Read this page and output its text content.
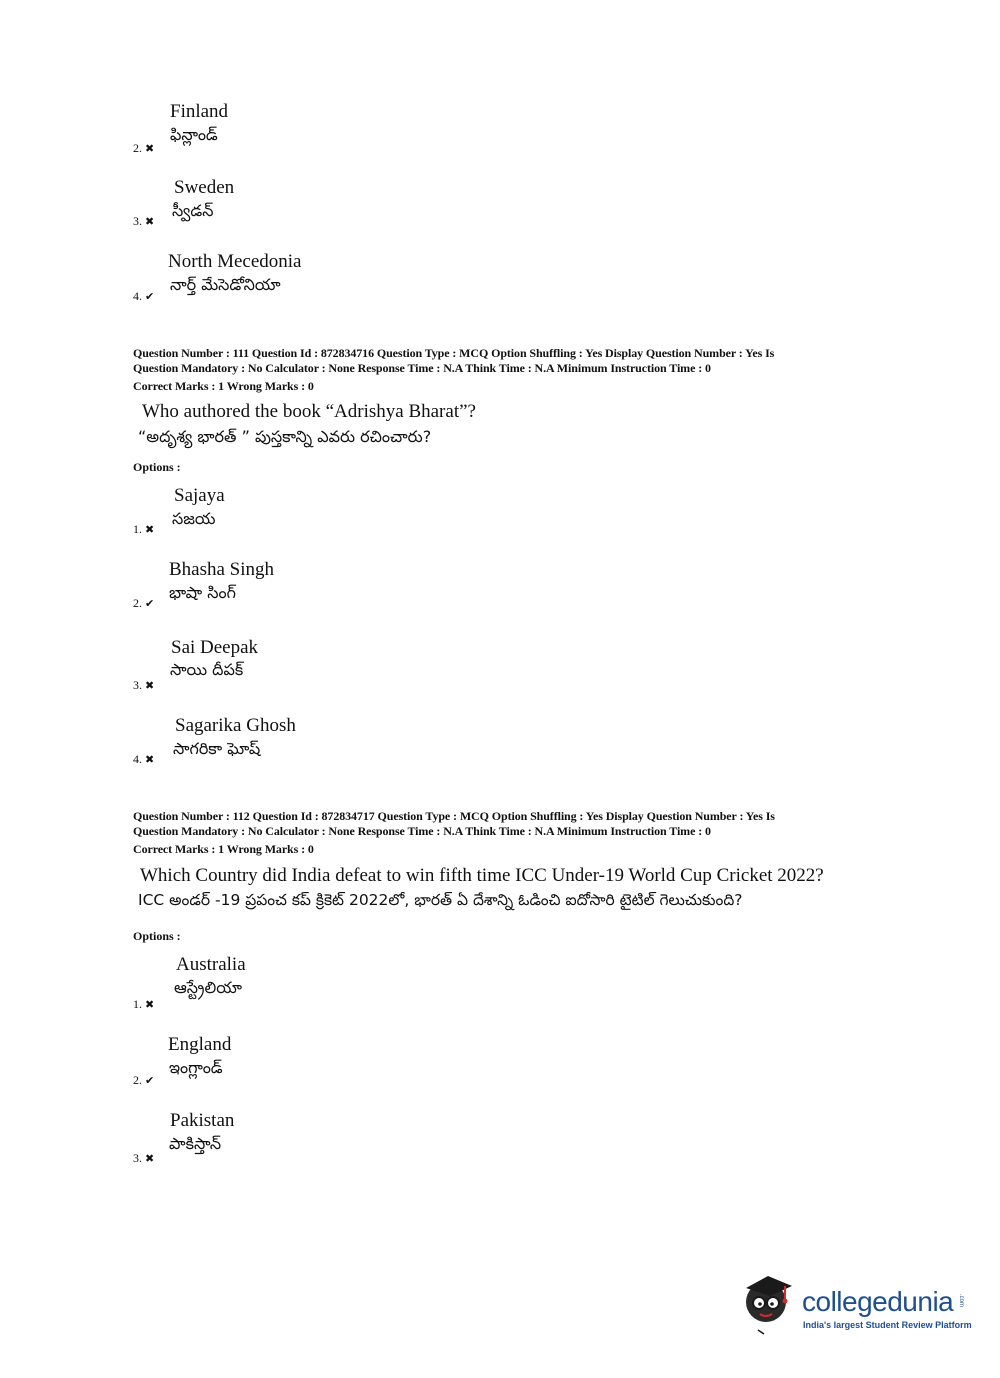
Finland
ఫిన్లాండ్
2. ✖
Sweden
స్వీడన్
3. ✖
North Mecedonia
నార్త్ మేసెడోనియా
4. ✔
Question Number : 111 Question Id : 872834716 Question Type : MCQ Option Shuffling : Yes Display Question Number : Yes Is
Question Mandatory : No Calculator : None Response Time : N.A Think Time : N.A Minimum Instruction Time : 0
Correct Marks : 1 Wrong Marks : 0
Who authored the book “Adrishya Bharat”?
“అదృశ్య భారత్ ” పుస్తకాన్ని ఎవరు రచించారు?
Options :
Sajaya
సజయ
1. ✖
Bhasha Singh
భాషా సింగ్
2. ✔
Sai Deepak
సాయి దీపక్
3. ✖
Sagarika Ghosh
సాగరికా ఘోష్
4. ✖
Question Number : 112 Question Id : 872834717 Question Type : MCQ Option Shuffling : Yes Display Question Number : Yes Is
Question Mandatory : No Calculator : None Response Time : N.A Think Time : N.A Minimum Instruction Time : 0
Correct Marks : 1 Wrong Marks : 0
Which Country did India defeat to win fifth time ICC Under-19 World Cup Cricket 2022?
ICC అండర్ -19 ప్రపంచ కప్ క్రికెట్ 2022లో, భారత్ ఏ దేశాన్ని ఓడించి ఐదోసారి టైటిల్ గెలుచుకుంది?
Options :
Australia
ఆస్ట్రేలియా
1. ✖
England
ఇంగ్లాండ్
2. ✔
Pakistan
పాకిస్తాన్
3. ✖
collegedunia .com
India's largest Student Review Platform
